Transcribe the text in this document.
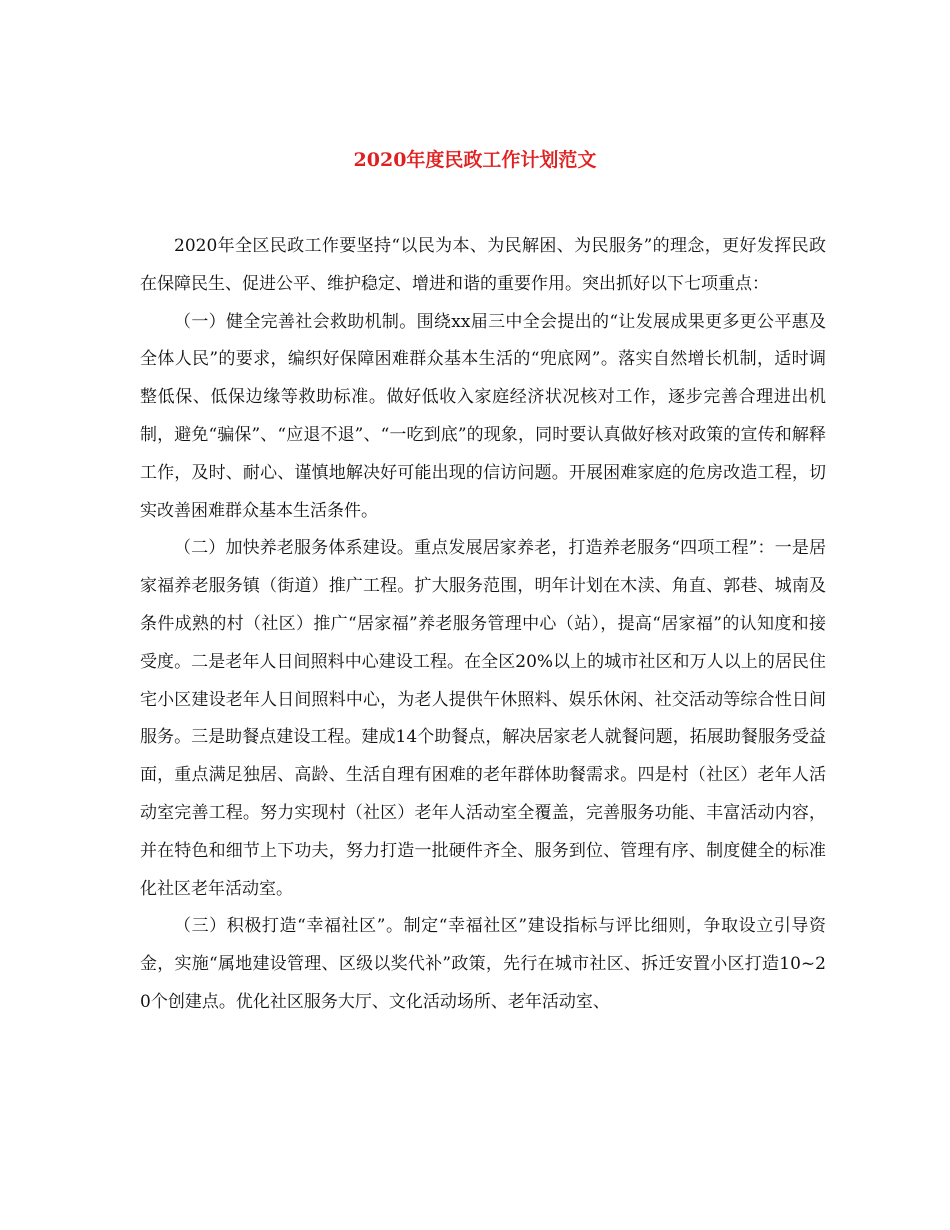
2020年度民政工作计划范文

2020年全区民政工作要坚持“以民为本、为民解困、为民服务”的理念，更好发挥民政在保障民生、促进公平、维护稳定、增进和谐的重要作用。突出抓好以下七项重点：

（一）健全完善社会救助机制。围绕xx届三中全会提出的“让发展成果更多更公平惠及全体人民”的要求，编织好保障困难群众基本生活的“兜底网”。落实自然增长机制，适时调整低保、低保边缘等救助标准。做好低收入家庭经济状况核对工作，逐步完善合理进出机制，避免“骗保”、“应退不退”、“一吃到底”的现象，同时要认真做好核对政策的宣传和解释工作，及时、耐心、谨慎地解决好可能出现的信访问题。开展困难家庭的危房改造工程，切实改善困难群众基本生活条件。

（二）加快养老服务体系建设。重点发展居家养老，打造养老服务“四项工程”：一是居家福养老服务镇（街道）推广工程。扩大服务范围，明年计划在木渎、角直、郭巷、城南及条件成熟的村（社区）推广“居家福”养老服务管理中心（站），提高“居家福”的认知度和接受度。二是老年人日间照料中心建设工程。在全区20%以上的城市社区和万人以上的居民住宅小区建设老年人日间照料中心，为老人提供午休照料、娱乐休闲、社交活动等综合性日间服务。三是助餐点建设工程。建成14个助餐点，解决居家老人就餐问题，拓展助餐服务受益面，重点满足独居、高龄、生活自理有困难的老年群体助餐需求。四是村（社区）老年人活动室完善工程。努力实现村（社区）老年人活动室全覆盖，完善服务功能、丰富活动内容，并在特色和细节上下功夫，努力打造一批硬件齐全、服务到位、管理有序、制度健全的标准化社区老年活动室。

（三）积极打造“幸福社区”。制定“幸福社区”建设指标与评比细则，争取设立引导资金，实施“属地建设管理、区级以奖代补”政策，先行在城市社区、拆迁安置小区打造10~20个创建点。优化社区服务大厅、文化活动场所、老年活动室、
